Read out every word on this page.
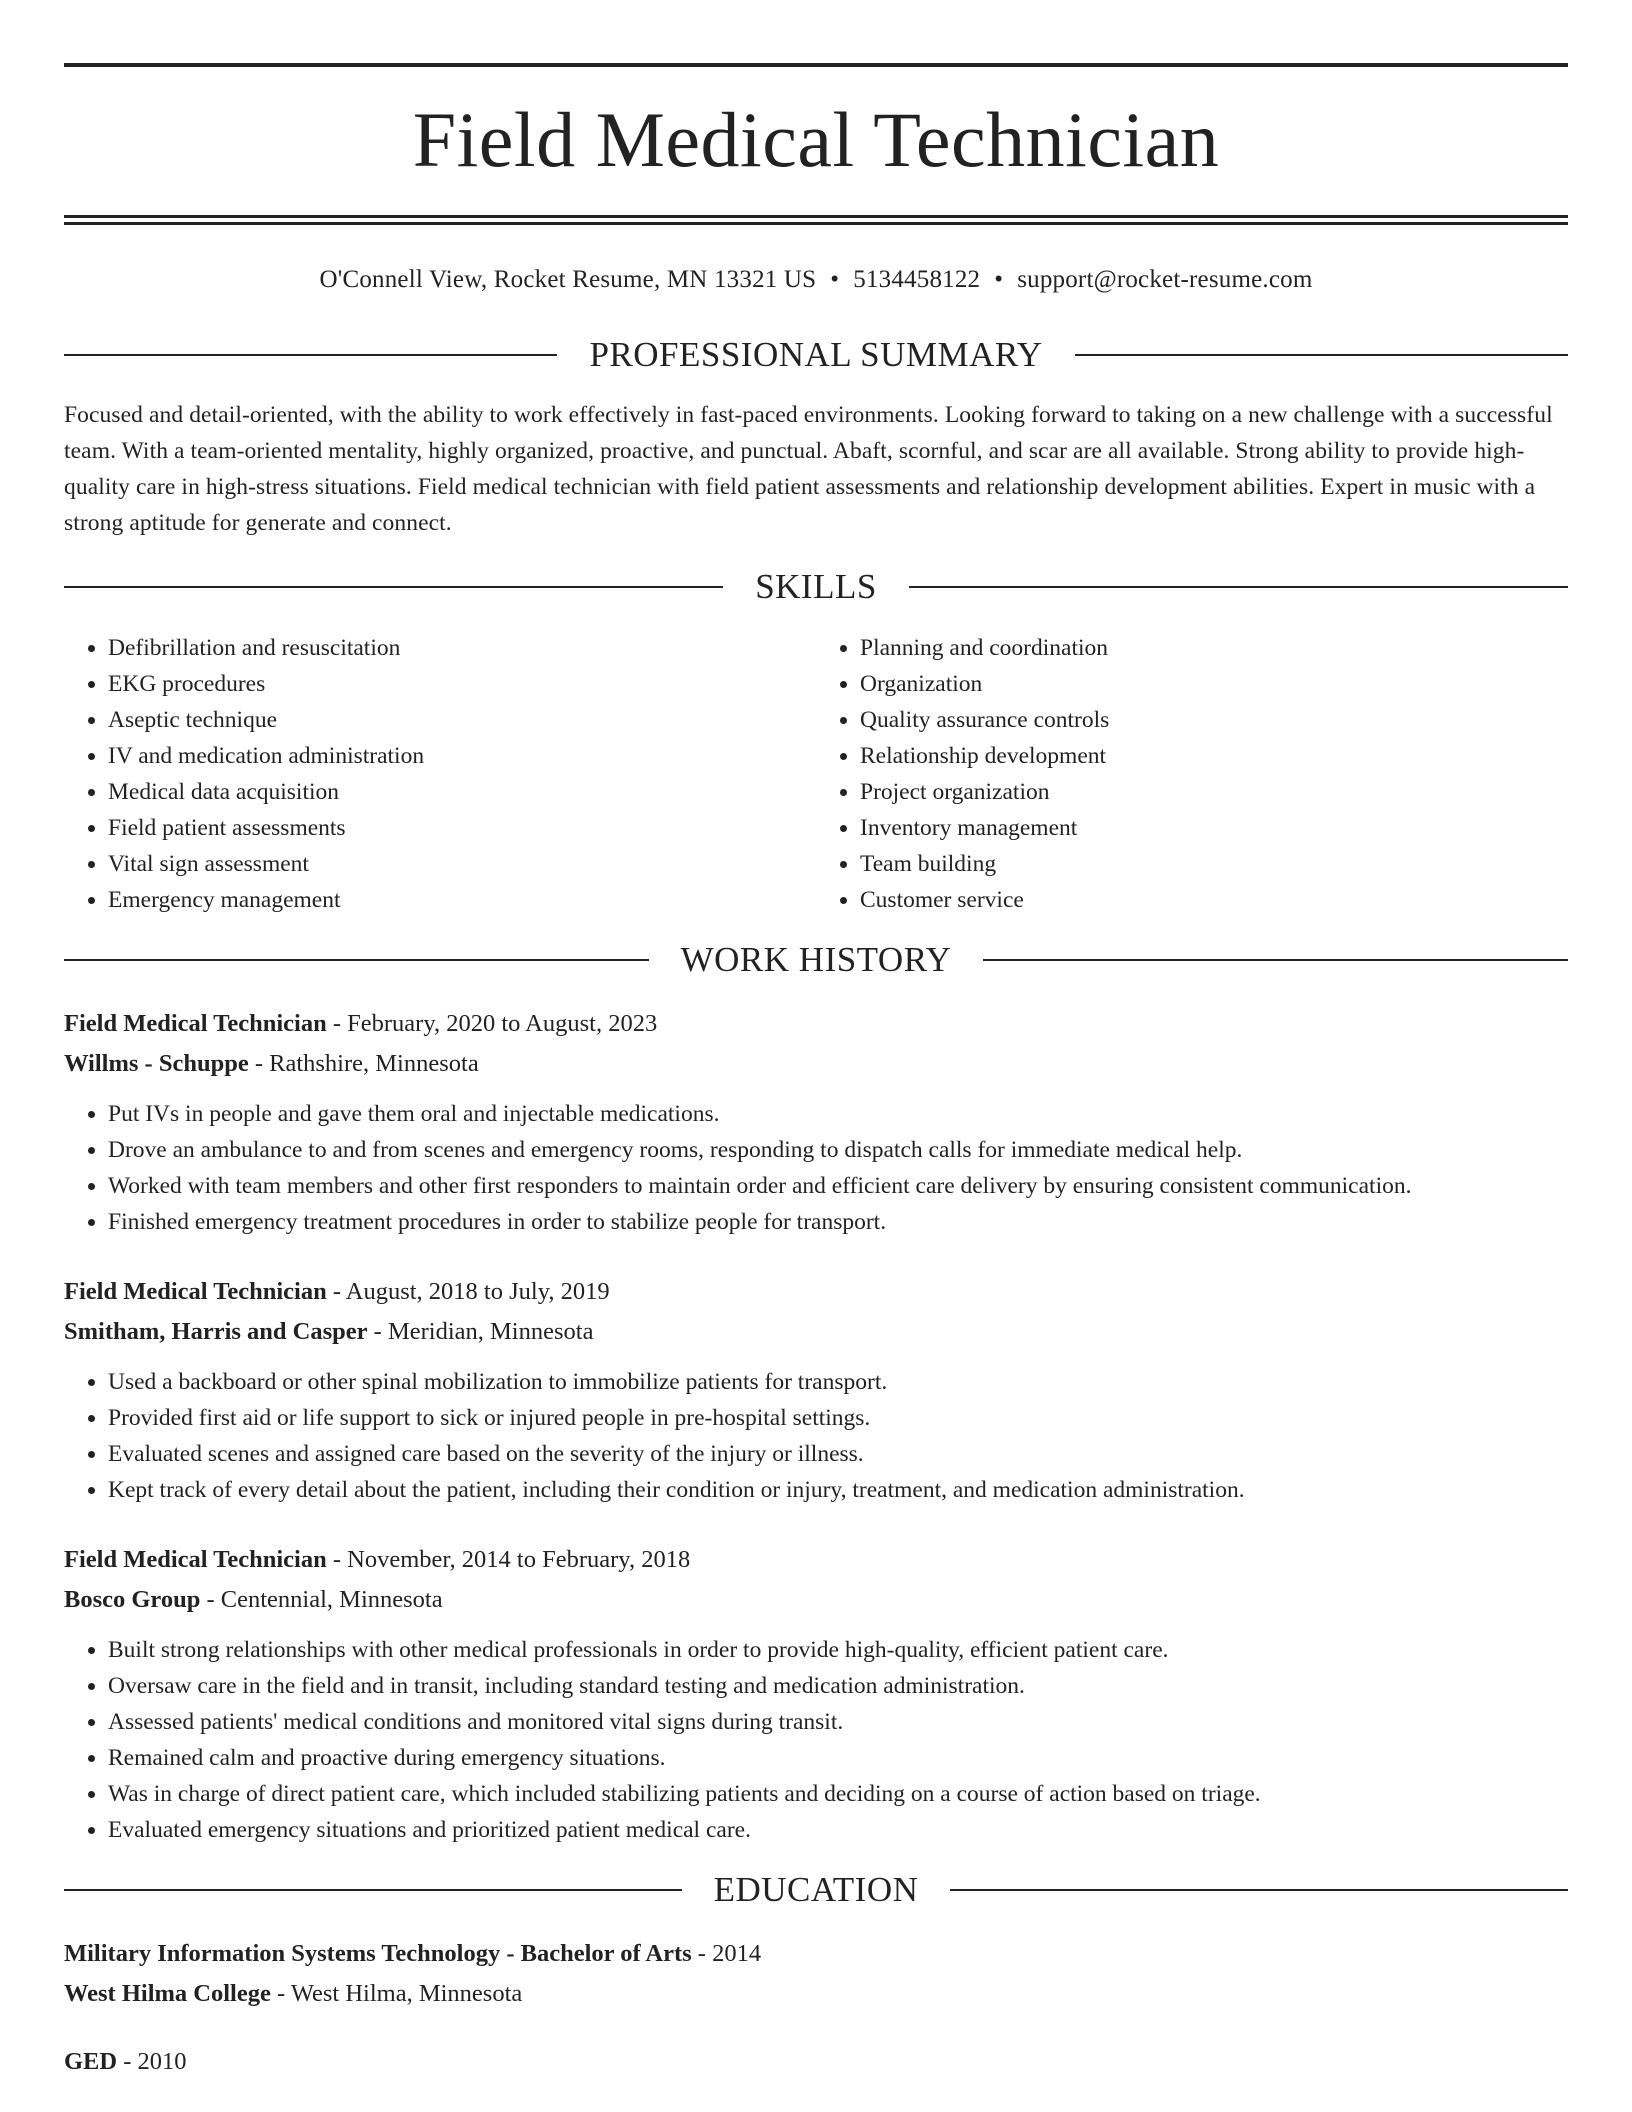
Field Medical Technician
O'Connell View, Rocket Resume, MN 13321 US • 5134458122 • support@rocket-resume.com
PROFESSIONAL SUMMARY
Focused and detail-oriented, with the ability to work effectively in fast-paced environments. Looking forward to taking on a new challenge with a successful team. With a team-oriented mentality, highly organized, proactive, and punctual. Abaft, scornful, and scar are all available. Strong ability to provide high-quality care in high-stress situations. Field medical technician with field patient assessments and relationship development abilities. Expert in music with a strong aptitude for generate and connect.
SKILLS
• Defibrillation and resuscitation
• EKG procedures
• Aseptic technique
• IV and medication administration
• Medical data acquisition
• Field patient assessments
• Vital sign assessment
• Emergency management
• Planning and coordination
• Organization
• Quality assurance controls
• Relationship development
• Project organization
• Inventory management
• Team building
• Customer service
WORK HISTORY
Field Medical Technician - February, 2020 to August, 2023
Willms - Schuppe - Rathshire, Minnesota
• Put IVs in people and gave them oral and injectable medications.
• Drove an ambulance to and from scenes and emergency rooms, responding to dispatch calls for immediate medical help.
• Worked with team members and other first responders to maintain order and efficient care delivery by ensuring consistent communication.
• Finished emergency treatment procedures in order to stabilize people for transport.
Field Medical Technician - August, 2018 to July, 2019
Smitham, Harris and Casper - Meridian, Minnesota
• Used a backboard or other spinal mobilization to immobilize patients for transport.
• Provided first aid or life support to sick or injured people in pre-hospital settings.
• Evaluated scenes and assigned care based on the severity of the injury or illness.
• Kept track of every detail about the patient, including their condition or injury, treatment, and medication administration.
Field Medical Technician - November, 2014 to February, 2018
Bosco Group - Centennial, Minnesota
• Built strong relationships with other medical professionals in order to provide high-quality, efficient patient care.
• Oversaw care in the field and in transit, including standard testing and medication administration.
• Assessed patients' medical conditions and monitored vital signs during transit.
• Remained calm and proactive during emergency situations.
• Was in charge of direct patient care, which included stabilizing patients and deciding on a course of action based on triage.
• Evaluated emergency situations and prioritized patient medical care.
EDUCATION
Military Information Systems Technology - Bachelor of Arts - 2014
West Hilma College - West Hilma, Minnesota
GED - 2010
